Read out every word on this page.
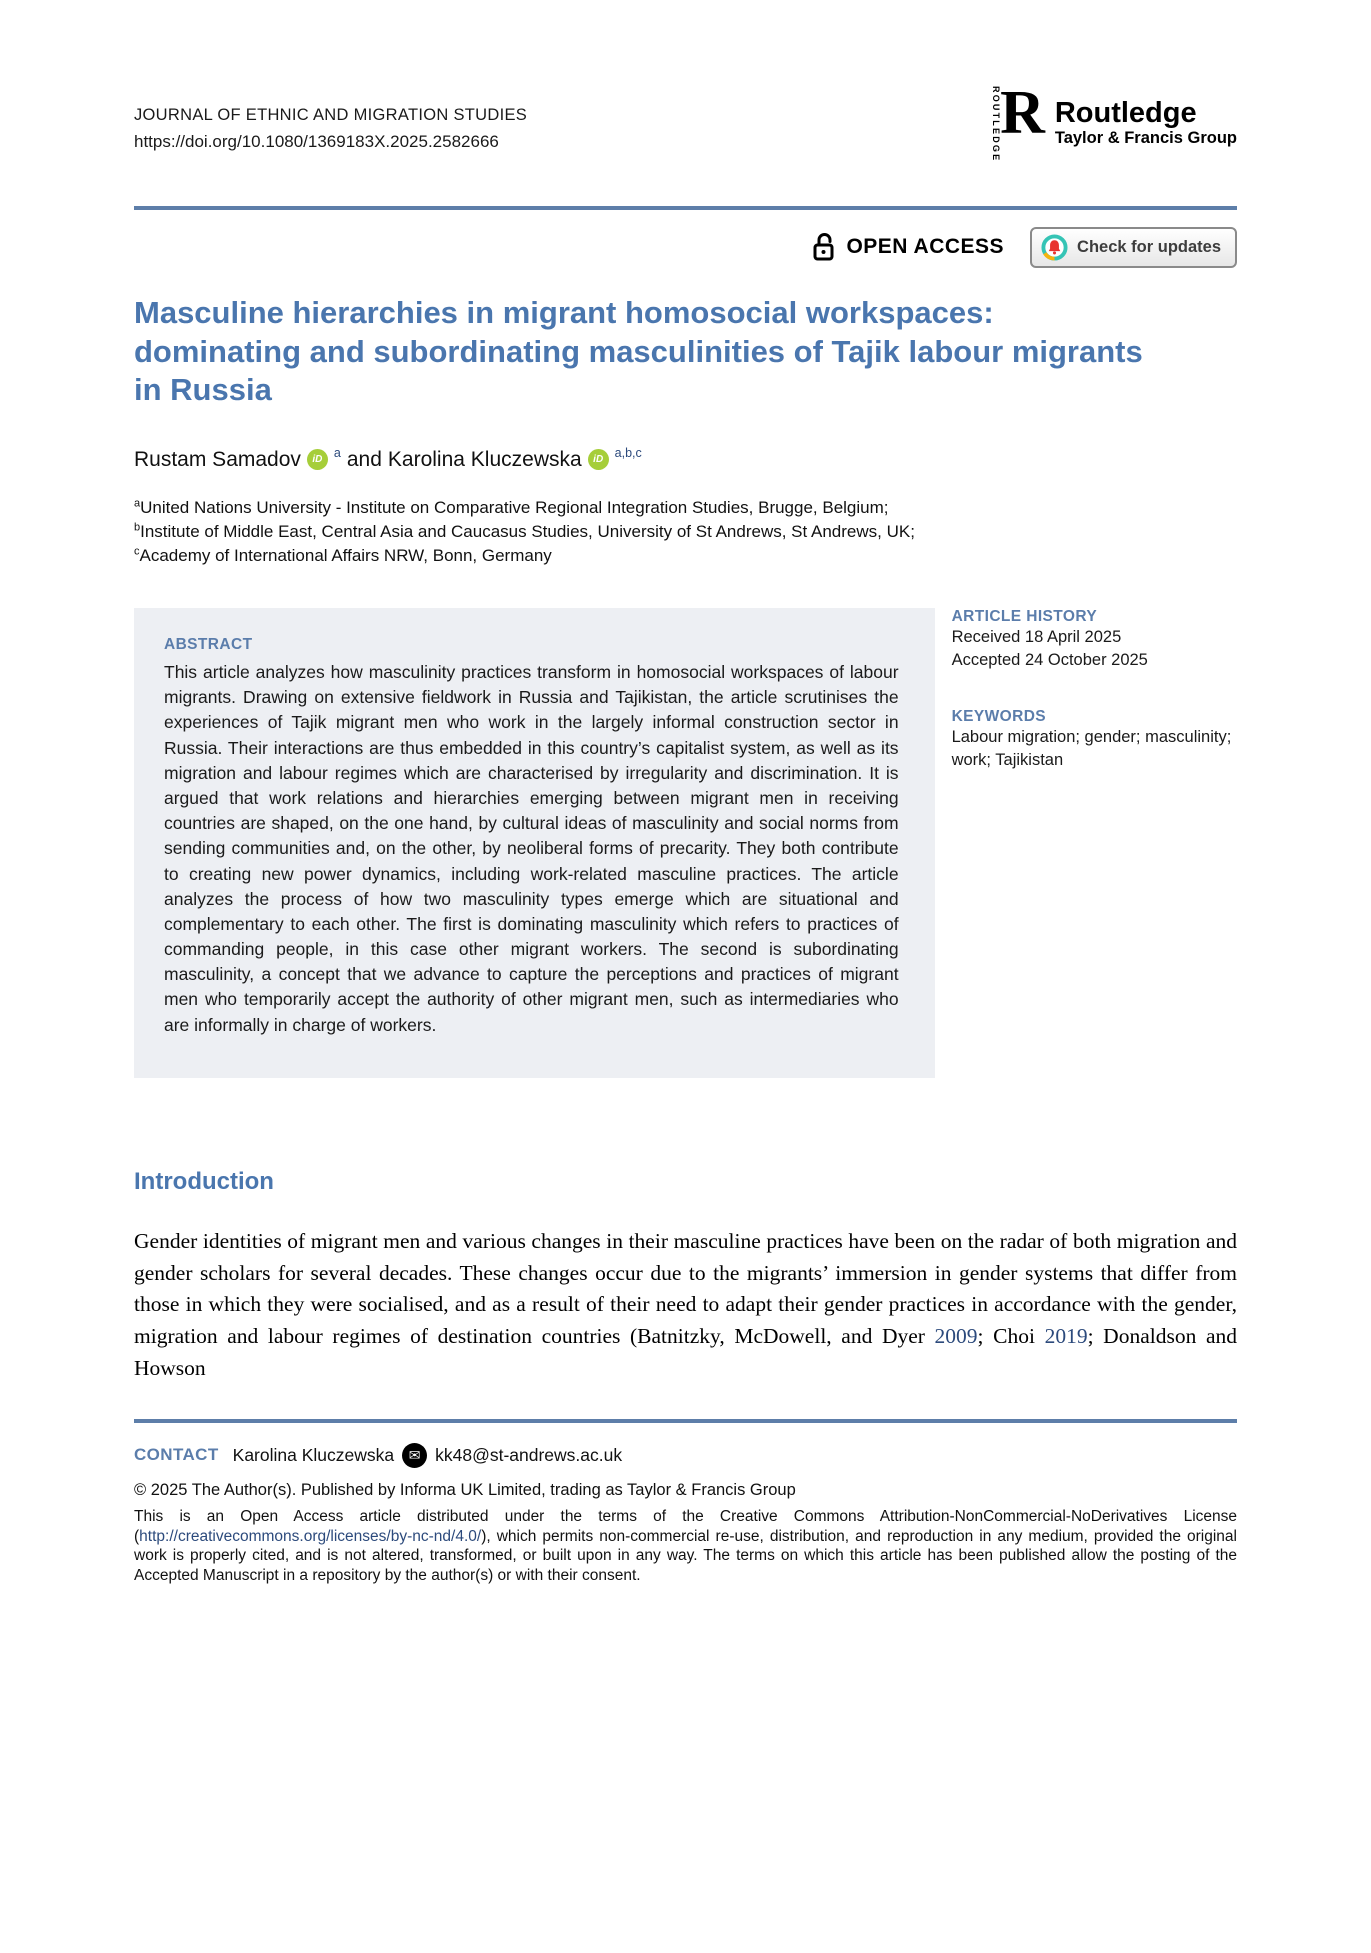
JOURNAL OF ETHNIC AND MIGRATION STUDIES
https://doi.org/10.1080/1369183X.2025.2582666	ROUTLEDGE R Routledge
Taylor & Francis Group
OPEN ACCESS	Check for updates
Masculine hierarchies in migrant homosocial workspaces: dominating and subordinating masculinities of Tajik labour migrants in Russia
Rustam Samadov	iD a and Karolina Kluczewska	iD a,b,c
$^a$United Nations University - Institute on Comparative Regional Integration Studies, Brugge, Belgium;
$^b$Institute of Middle East, Central Asia and Caucasus Studies, University of St Andrews, St Andrews, UK;
$^c$Academy of International Affairs NRW, Bonn, Germany
ABSTRACT
This article analyzes how masculinity practices transform in homosocial workspaces of labour migrants. Drawing on extensive fieldwork in Russia and Tajikistan, the article scrutinises the experiences of Tajik migrant men who work in the largely informal construction sector in Russia. Their interactions are thus embedded in this country’s capitalist system, as well as its migration and labour regimes which are characterised by irregularity and discrimination. It is argued that work relations and hierarchies emerging between migrant men in receiving countries are shaped, on the one hand, by cultural ideas of masculinity and social norms from sending communities and, on the other, by neoliberal forms of precarity. They both contribute to creating new power dynamics, including work-related masculine practices. The article analyzes the process of how two masculinity types emerge which are situational and complementary to each other. The first is dominating masculinity which refers to practices of commanding people, in this case other migrant workers. The second is subordinating masculinity, a concept that we advance to capture the perceptions and practices of migrant men who temporarily accept the authority of other migrant men, such as intermediaries who are informally in charge of workers.
ARTICLE HISTORY
Received 18 April 2025
Accepted 24 October 2025
KEYWORDS
Labour migration; gender; masculinity; work; Tajikistan
Introduction

Gender identities of migrant men and various changes in their masculine practices have been on the radar of both migration and gender scholars for several decades. These changes occur due to the migrants’ immersion in gender systems that differ from those in which they were socialised, and as a result of their need to adapt their gender practices in accordance with the gender, migration and labour regimes of destination countries (Batnitzky, McDowell, and Dyer 2009; Choi 2019; Donaldson and Howson

CONTACT Karolina Kluczewska	✉ kk48@st-andrews.ac.uk
© 2025 The Author(s). Published by Informa UK Limited, trading as Taylor & Francis Group

This is an Open Access article distributed under the terms of the Creative Commons Attribution-NonCommercial-NoDerivatives License (http://creativecommons.org/licenses/by-nc-nd/4.0/), which permits non-commercial re-use, distribution, and reproduction in any medium, provided the original work is properly cited, and is not altered, transformed, or built upon in any way. The terms on which this article has been published allow the posting of the Accepted Manuscript in a repository by the author(s) or with their consent.
